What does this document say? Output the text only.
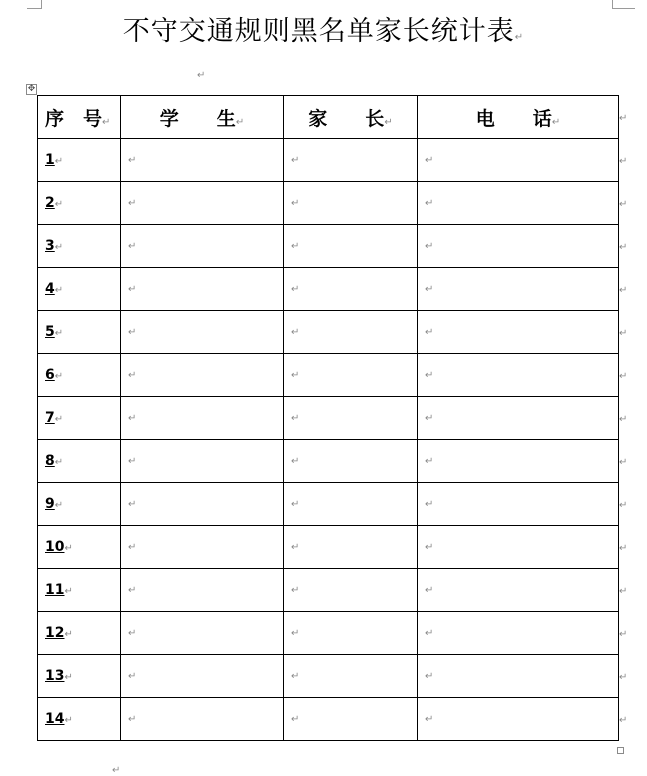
不守交通规则黑名单家长统计表↵
↵
✥
序　号↵	学　　生↵	家　　长↵	电　　话↵
1↵	↵	↵	↵
2↵	↵	↵	↵
3↵	↵	↵	↵
4↵	↵	↵	↵
5↵	↵	↵	↵
6↵	↵	↵	↵
7↵	↵	↵	↵
8↵	↵	↵	↵
9↵	↵	↵	↵
10↵	↵	↵	↵
11↵	↵	↵	↵
12↵	↵	↵	↵
13↵	↵	↵	↵
14↵	↵	↵	↵
↵
↵
↵
↵
↵
↵
↵
↵
↵
↵
↵
↵
↵
↵
↵
↵
